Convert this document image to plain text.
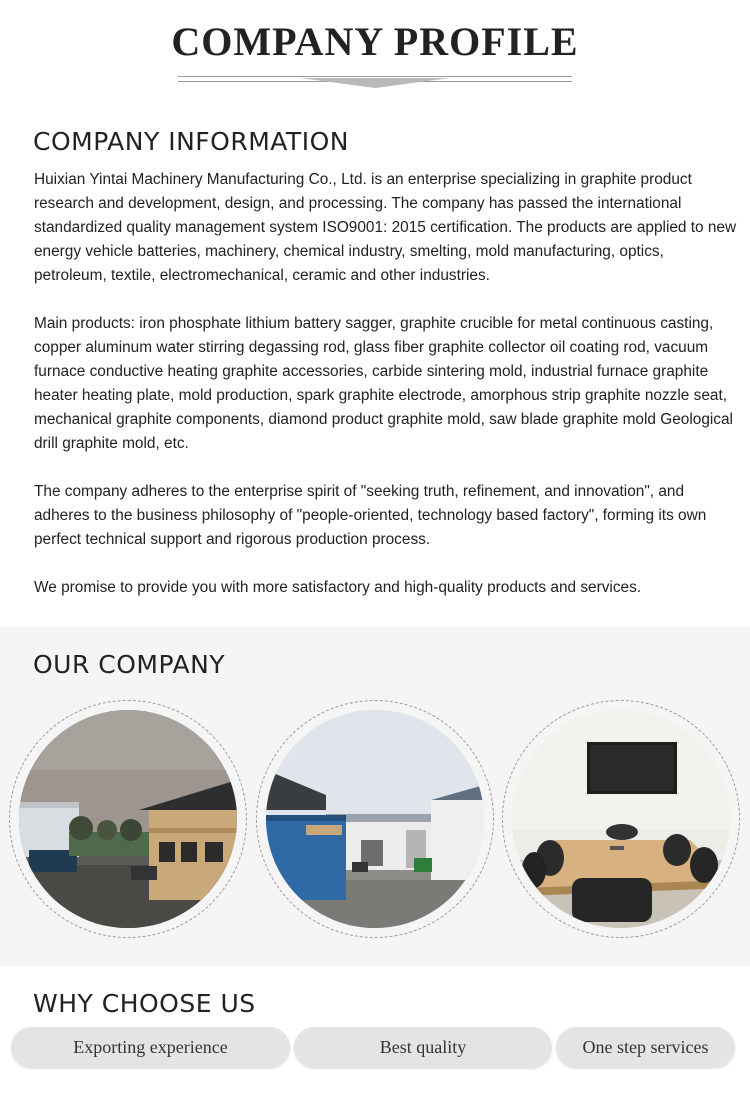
COMPANY PROFILE
COMPANY INFORMATION

Huixian Yintai Machinery Manufacturing Co., Ltd. is an enterprise specializing in graphite product research and development, design, and processing. The company has passed the international standardized quality management system ISO9001: 2015 certification. The products are applied to new energy vehicle batteries, machinery, chemical industry, smelting, mold manufacturing, optics, petroleum, textile, electromechanical, ceramic and other industries.

Main products: iron phosphate lithium battery sagger, graphite crucible for metal continuous casting, copper aluminum water stirring degassing rod, glass fiber graphite collector oil coating rod, vacuum furnace conductive heating graphite accessories, carbide sintering mold, industrial furnace graphite heater heating plate, mold production, spark graphite electrode, amorphous strip graphite nozzle seat, mechanical graphite components, diamond product graphite mold, saw blade graphite mold Geological drill graphite mold, etc.

The company adheres to the enterprise spirit of "seeking truth, refinement, and innovation", and adheres to the business philosophy of "people-oriented, technology based factory", forming its own perfect technical support and rigorous production process.

We promise to provide you with more satisfactory and high-quality products and services.

OUR COMPANY
WHY CHOOSE US
Exporting experience	Best quality	One step services
